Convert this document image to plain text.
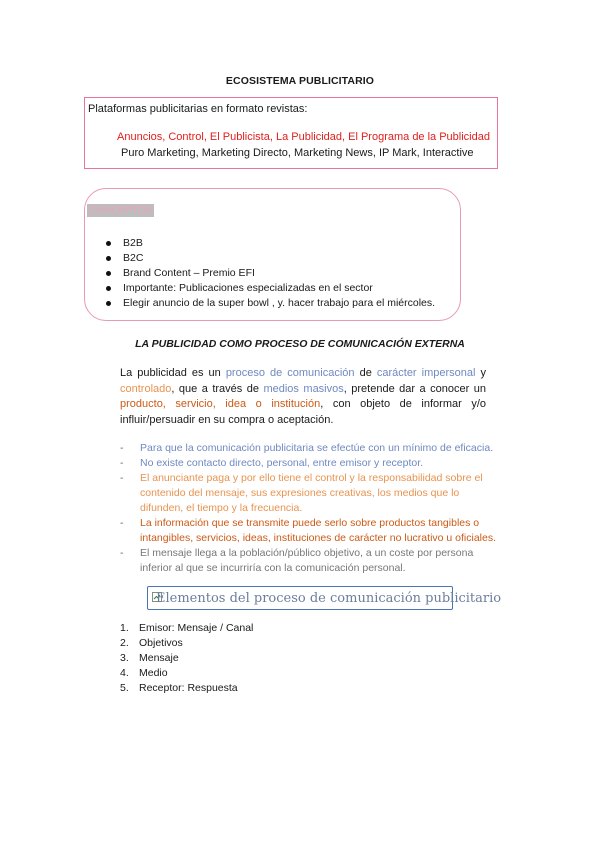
ECOSISTEMA PUBLICITARIO
Plataformas publicitarias en formato revistas:
Anuncios, Control, El Publicista, La Publicidad, El Programa de la Publicidad
Puro Marketing, Marketing Directo, Marketing News, IP Mark, Interactive
CONCEPTOS
B2B
B2C
Brand Content – Premio EFI
Importante: Publicaciones especializadas en el sector
Elegir anuncio de la super bowl , y. hacer trabajo para el miércoles.
LA PUBLICIDAD COMO PROCESO DE COMUNICACIÓN EXTERNA
La publicidad es un proceso de comunicación de carácter impersonal y controlado, que a través de medios masivos, pretende dar a conocer un producto, servicio, idea o institución, con objeto de informar y/o influir/persuadir en su compra o aceptación.
- Para que la comunicación publicitaria se efectúe con un mínimo de eficacia.
- No existe contacto directo, personal, entre emisor y receptor.
- El anunciante paga y por ello tiene el control y la responsabilidad sobre el contenido del mensaje, sus expresiones creativas, los medios que lo difunden, el tiempo y la frecuencia.
- La información que se transmite puede serlo sobre productos tangibles o intangibles, servicios, ideas, instituciones de carácter no lucrativo u oficiales.
- El mensaje llega a la población/público objetivo, a un coste por persona inferior al que se incurriría con la comunicación personal.
Elementos del proceso de comunicación publicitario
1. Emisor: Mensaje / Canal
2. Objetivos
3. Mensaje
4. Medio
5. Receptor: Respuesta
